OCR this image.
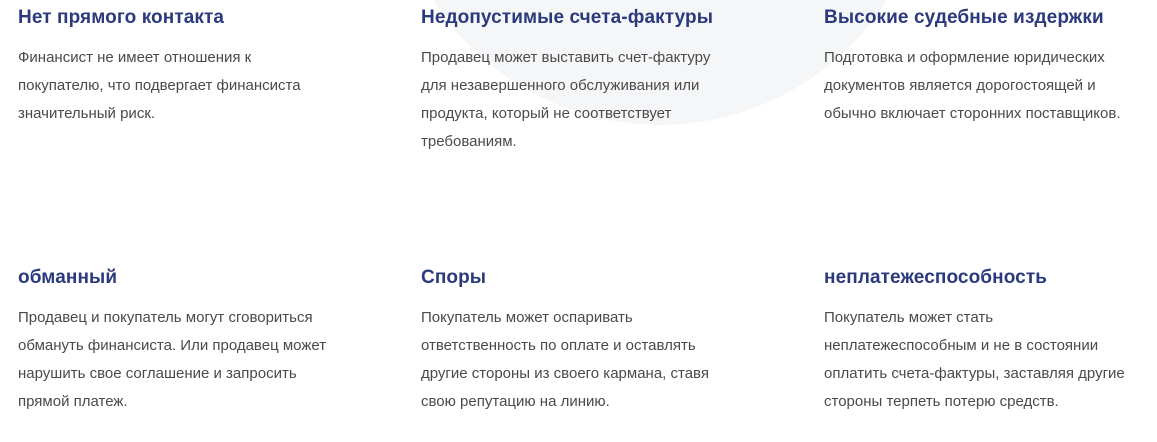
Нет прямого контакта

Финансист не имеет отношения к покупателю, что подвергает финансиста значительный риск.

Недопустимые счета-фактуры

Продавец может выставить счет-фактуру для незавершенного обслуживания или продукта, который не соответствует требованиям.

Высокие судебные издержки

Подготовка и оформление юридических документов является дорогостоящей и обычно включает сторонних поставщиков.

обманный

Продавец и покупатель могут сговориться обмануть финансиста. Или продавец может нарушить свое соглашение и запросить прямой платеж.

Споры

Покупатель может оспаривать ответственность по оплате и оставлять другие стороны из своего кармана, ставя свою репутацию на линию.

неплатежеспособность

Покупатель может стать неплатежеспособным и не в состоянии оплатить счета-фактуры, заставляя другие стороны терпеть потерю средств.
